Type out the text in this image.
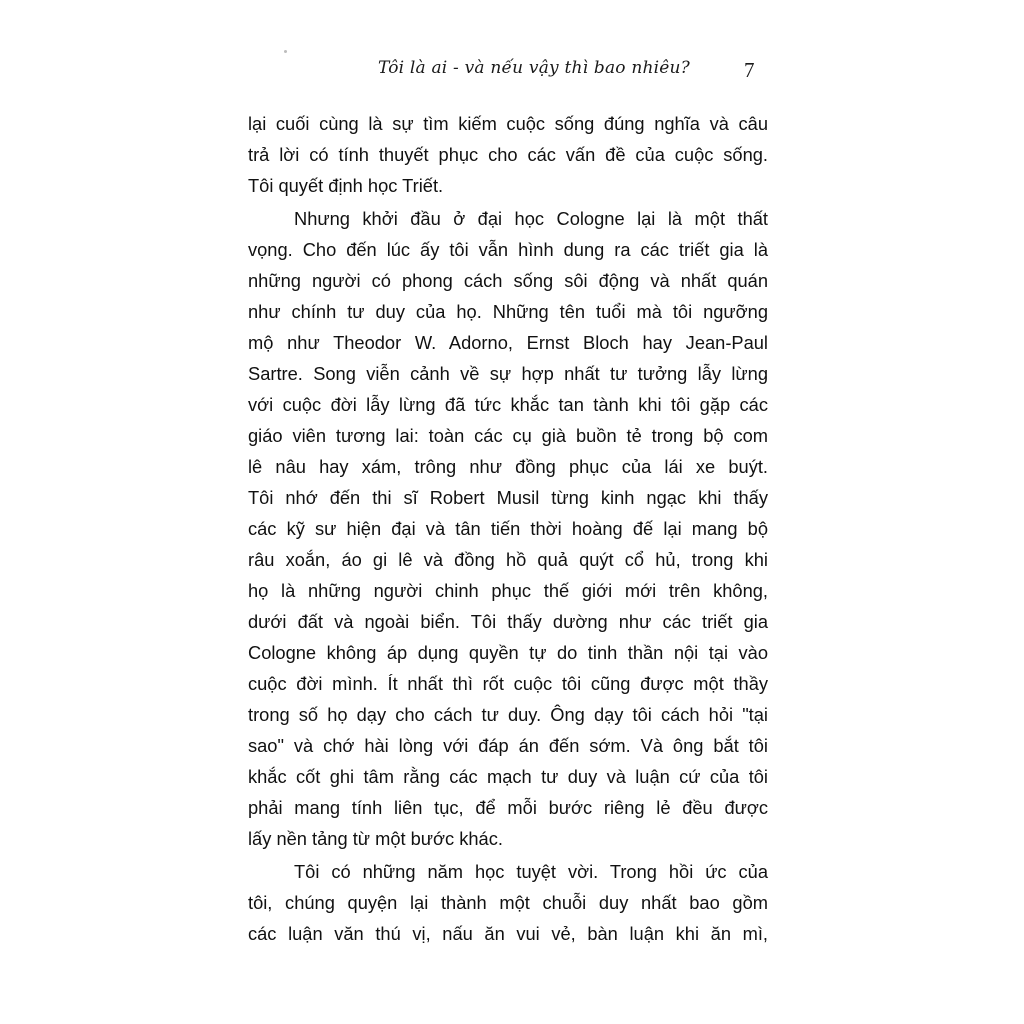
Tôi là ai - và nếu vậy thì bao nhiêu?	7
lại cuối cùng là sự tìm kiếm cuộc sống đúng nghĩa và câu
trả lời có tính thuyết phục cho các vấn đề của cuộc sống.
Tôi quyết định học Triết.
Nhưng khởi đầu ở đại học Cologne lại là một thất
vọng. Cho đến lúc ấy tôi vẫn hình dung ra các triết gia là
những người có phong cách sống sôi động và nhất quán
như chính tư duy của họ. Những tên tuổi mà tôi ngưỡng
mộ như Theodor W. Adorno, Ernst Bloch hay Jean-Paul
Sartre. Song viễn cảnh về sự hợp nhất tư tưởng lẫy lừng
với cuộc đời lẫy lừng đã tức khắc tan tành khi tôi gặp các
giáo viên tương lai: toàn các cụ già buồn tẻ trong bộ com
lê nâu hay xám, trông như đồng phục của lái xe buýt.
Tôi nhớ đến thi sĩ Robert Musil từng kinh ngạc khi thấy
các kỹ sư hiện đại và tân tiến thời hoàng đế lại mang bộ
râu xoắn, áo gi lê và đồng hồ quả quýt cổ hủ, trong khi
họ là những người chinh phục thế giới mới trên không,
dưới đất và ngoài biển. Tôi thấy dường như các triết gia
Cologne không áp dụng quyền tự do tinh thần nội tại vào
cuộc đời mình. Ít nhất thì rốt cuộc tôi cũng được một thầy
trong số họ dạy cho cách tư duy. Ông dạy tôi cách hỏi "tại
sao" và chớ hài lòng với đáp án đến sớm. Và ông bắt tôi
khắc cốt ghi tâm rằng các mạch tư duy và luận cứ của tôi
phải mang tính liên tục, để mỗi bước riêng lẻ đều được
lấy nền tảng từ một bước khác.
Tôi có những năm học tuyệt vời. Trong hồi ức của
tôi, chúng quyện lại thành một chuỗi duy nhất bao gồm
các luận văn thú vị, nấu ăn vui vẻ, bàn luận khi ăn mì,
